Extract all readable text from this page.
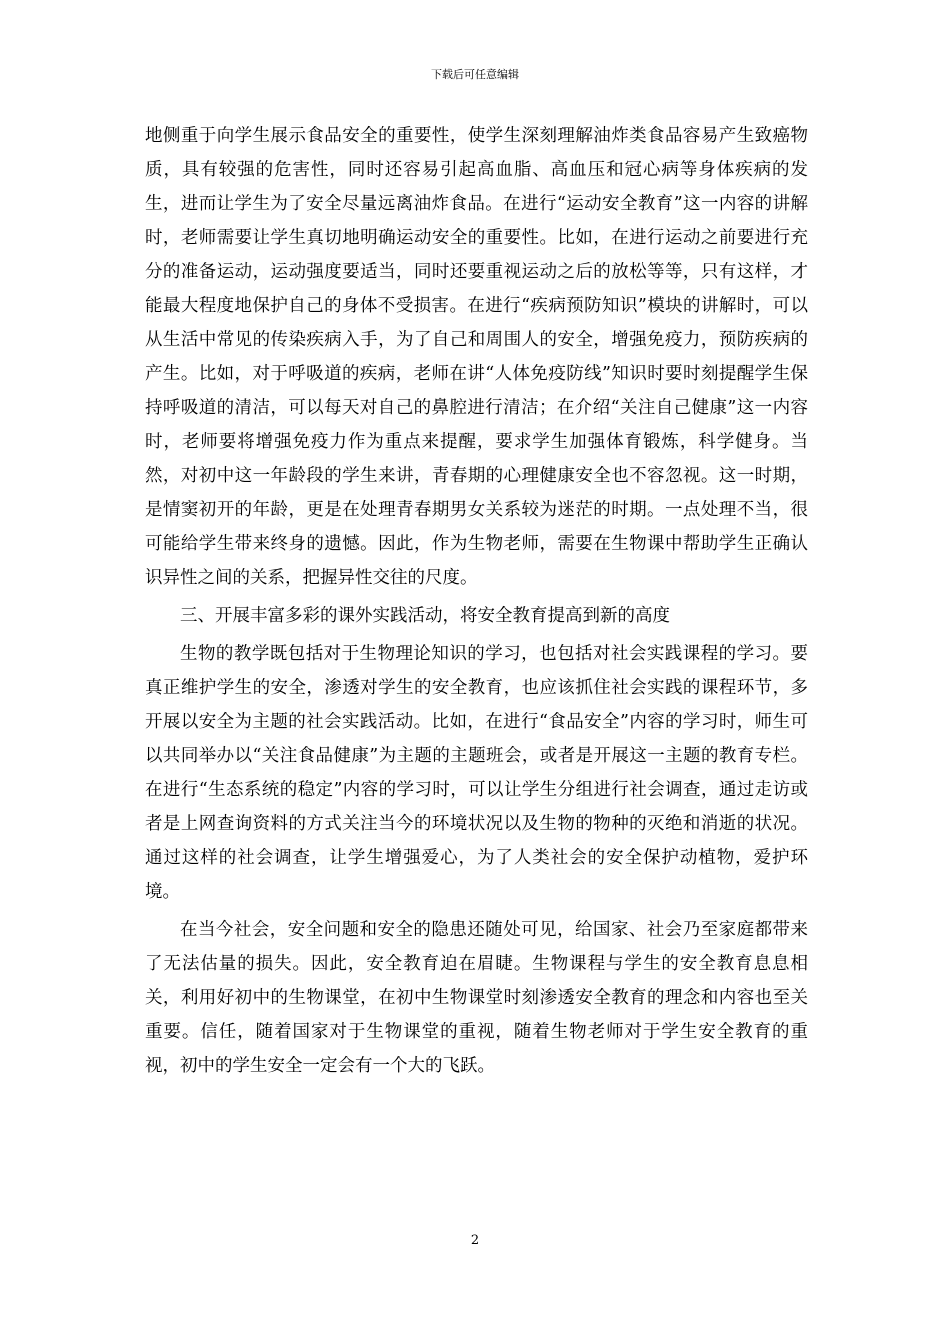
下载后可任意编辑

地侧重于向学生展示食品安全的重要性，使学生深刻理解油炸类食品容易产生致癌物质，具有较强的危害性，同时还容易引起高血脂、高血压和冠心病等身体疾病的发生，进而让学生为了安全尽量远离油炸食品。在进行“运动安全教育”这一内容的讲解时，老师需要让学生真切地明确运动安全的重要性。比如，在进行运动之前要进行充分的准备运动，运动强度要适当，同时还要重视运动之后的放松等等，只有这样，才能最大程度地保护自己的身体不受损害。在进行“疾病预防知识”模块的讲解时，可以从生活中常见的传染疾病入手，为了自己和周围人的安全，增强免疫力，预防疾病的产生。比如，对于呼吸道的疾病，老师在讲“人体免疫防线”知识时要时刻提醒学生保持呼吸道的清洁，可以每天对自己的鼻腔进行清洁；在介绍“关注自己健康”这一内容时，老师要将增强免疫力作为重点来提醒，要求学生加强体育锻炼，科学健身。当然，对初中这一年龄段的学生来讲，青春期的心理健康安全也不容忽视。这一时期，是情窦初开的年龄，更是在处理青春期男女关系较为迷茫的时期。一点处理不当，很可能给学生带来终身的遗憾。因此，作为生物老师，需要在生物课中帮助学生正确认识异性之间的关系，把握异性交往的尺度。

三、开展丰富多彩的课外实践活动，将安全教育提高到新的高度

生物的教学既包括对于生物理论知识的学习，也包括对社会实践课程的学习。要真正维护学生的安全，渗透对学生的安全教育，也应该抓住社会实践的课程环节，多开展以安全为主题的社会实践活动。比如，在进行“食品安全”内容的学习时，师生可以共同举办以“关注食品健康”为主题的主题班会，或者是开展这一主题的教育专栏。在进行“生态系统的稳定”内容的学习时，可以让学生分组进行社会调查，通过走访或者是上网查询资料的方式关注当今的环境状况以及生物的物种的灭绝和消逝的状况。通过这样的社会调查，让学生增强爱心，为了人类社会的安全保护动植物，爱护环境。

在当今社会，安全问题和安全的隐患还随处可见，给国家、社会乃至家庭都带来了无法估量的损失。因此，安全教育迫在眉睫。生物课程与学生的安全教育息息相关，利用好初中的生物课堂，在初中生物课堂时刻渗透安全教育的理念和内容也至关重要。信任，随着国家对于生物课堂的重视，随着生物老师对于学生安全教育的重视，初中的学生安全一定会有一个大的飞跃。

2
